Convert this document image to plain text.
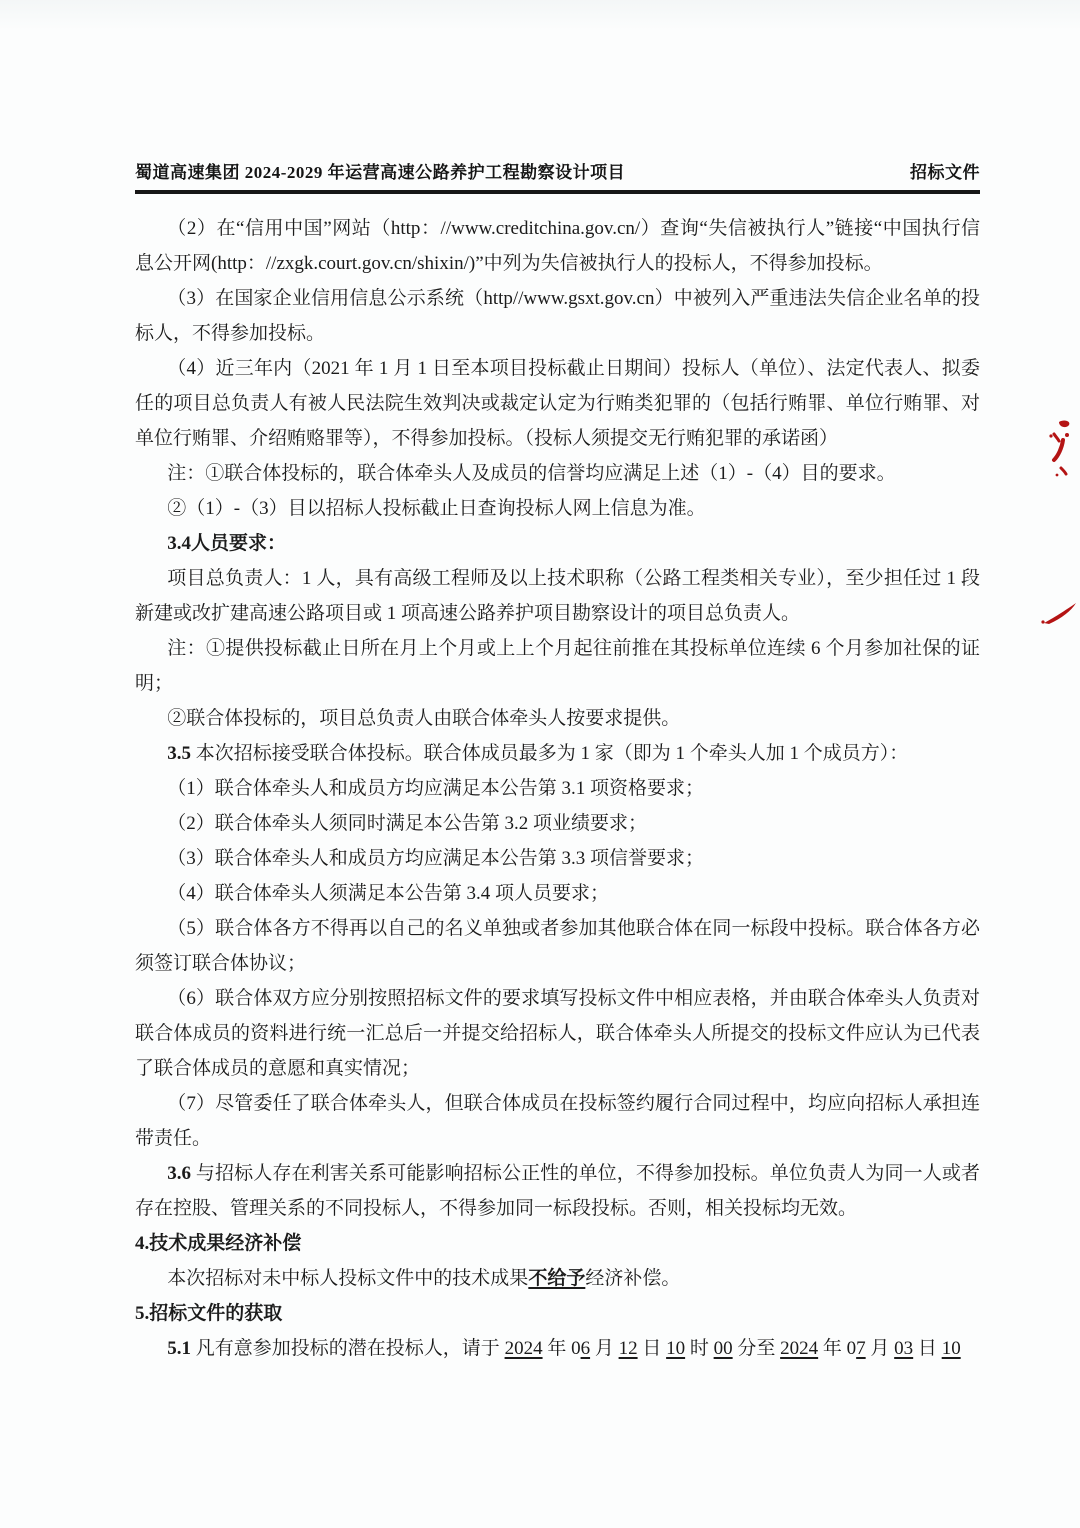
蜀道高速集团 2024-2029 年运营高速公路养护工程勘察设计项目	招标文件

（2）在“信用中国”网站（http：//www.creditchina.gov.cn/）查询“失信被执行人”链接“中国执行信息公开网(http：//zxgk.court.gov.cn/shixin/)”中列为失信被执行人的投标人，不得参加投标。

（3）在国家企业信用信息公示系统（http//www.gsxt.gov.cn）中被列入严重违法失信企业名单的投标人，不得参加投标。

（4）近三年内（2021 年 1 月 1 日至本项目投标截止日期间）投标人（单位）、法定代表人、拟委任的项目总负责人有被人民法院生效判决或裁定认定为行贿类犯罪的（包括行贿罪、单位行贿罪、对单位行贿罪、介绍贿赂罪等），不得参加投标。（投标人须提交无行贿犯罪的承诺函）

注：①联合体投标的，联合体牵头人及成员的信誉均应满足上述（1）-（4）目的要求。

②（1）-（3）目以招标人投标截止日查询投标人网上信息为准。

3.4人员要求：

项目总负责人：1 人，具有高级工程师及以上技术职称（公路工程类相关专业），至少担任过 1 段新建或改扩建高速公路项目或 1 项高速公路养护项目勘察设计的项目总负责人。

注：①提供投标截止日所在月上个月或上上个月起往前推在其投标单位连续 6 个月参加社保的证明；

②联合体投标的，项目总负责人由联合体牵头人按要求提供。

3.5 本次招标接受联合体投标。联合体成员最多为 1 家（即为 1 个牵头人加 1 个成员方）：

（1）联合体牵头人和成员方均应满足本公告第 3.1 项资格要求；

（2）联合体牵头人须同时满足本公告第 3.2 项业绩要求；

（3）联合体牵头人和成员方均应满足本公告第 3.3 项信誉要求；

（4）联合体牵头人须满足本公告第 3.4 项人员要求；

（5）联合体各方不得再以自己的名义单独或者参加其他联合体在同一标段中投标。联合体各方必须签订联合体协议；

（6）联合体双方应分别按照招标文件的要求填写投标文件中相应表格，并由联合体牵头人负责对联合体成员的资料进行统一汇总后一并提交给招标人，联合体牵头人所提交的投标文件应认为已代表了联合体成员的意愿和真实情况；

（7）尽管委任了联合体牵头人，但联合体成员在投标签约履行合同过程中，均应向招标人承担连带责任。

3.6 与招标人存在利害关系可能影响招标公正性的单位，不得参加投标。单位负责人为同一人或者存在控股、管理关系的不同投标人，不得参加同一标段投标。否则，相关投标均无效。

4.技术成果经济补偿

本次招标对未中标人投标文件中的技术成果不给予经济补偿。

5.招标文件的获取

5.1 凡有意参加投标的潜在投标人，请于 2024 年 06 月 12 日 10 时 00 分至 2024 年 07 月 03 日 10
